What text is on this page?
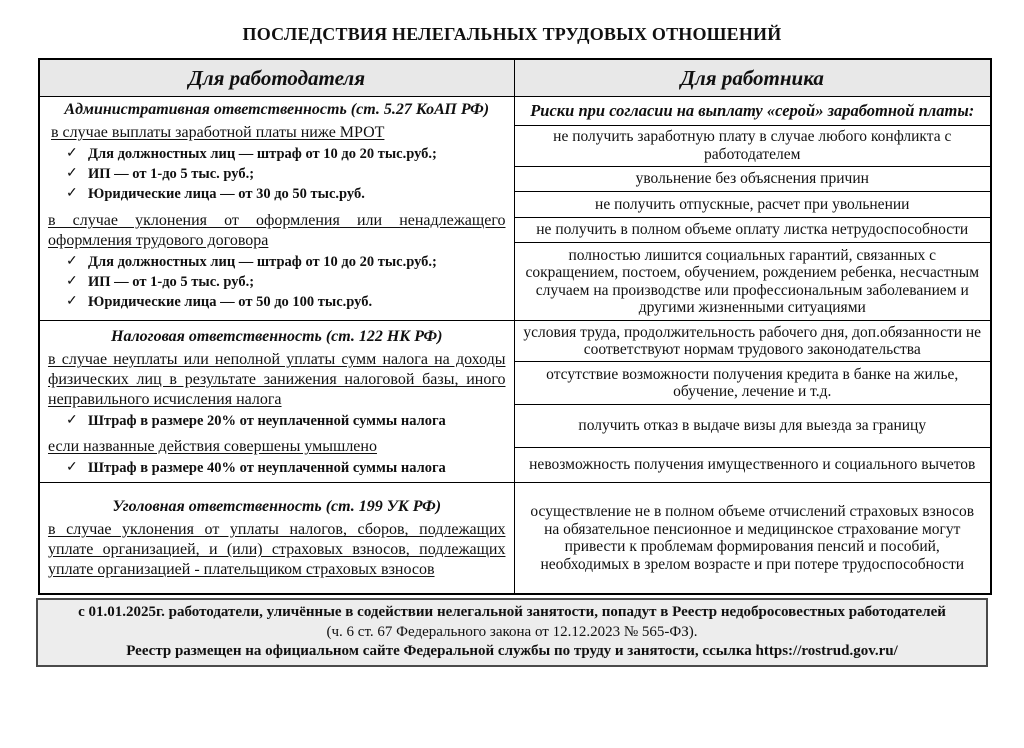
ПОСЛЕДСТВИЯ НЕЛЕГАЛЬНЫХ ТРУДОВЫХ ОТНОШЕНИЙ
Для работодателя	Для работника

Административная ответственность (ст. 5.27 КоАП РФ)
в случае выплаты заработной платы ниже МРОТ
✓ Для должностных лиц — штраф от 10 до 20 тыс.руб.;
✓ ИП — от 1-до 5 тыс. руб.;
✓ Юридические лица — от 30 до 50 тыс.руб.
в случае уклонения от оформления или ненадлежащего оформления трудового договора
✓ Для должностных лиц — штраф от 10 до 20 тыс.руб.;
✓ ИП — от 1-до 5 тыс. руб.;
✓ Юридические лица — от 50 до 100 тыс.руб.
	Риски при согласии на выплату «серой» заработной платы:
	не получить заработную плату в случае любого конфликта с работодателем
	увольнение без объяснения причин
	не получить отпускные, расчет при увольнении
	не получить в полном объеме оплату листка нетрудоспособности
	полностью лишится социальных гарантий, связанных с сокращением, постоем, обучением, рождением ребенка, несчастным случаем на производстве или профессиональным заболеванием и другими жизненными ситуациями

Налоговая ответственность (ст. 122 НК РФ)
в случае неуплаты или неполной уплаты сумм налога на доходы физических лиц в результате занижения налоговой базы, иного неправильного исчисления налога
✓ Штраф в размере 20% от неуплаченной суммы налога
если названные действия совершены умышлено
✓ Штраф в размере 40% от неуплаченной суммы налога
	условия труда, продолжительность рабочего дня, доп.обязанности не соответствуют нормам трудового законодательства
	отсутствие возможности получения кредита в банке на жилье, обучение, лечение и т.д.
	получить отказ в выдаче визы для выезда за границу
	невозможность получения имущественного и социального вычетов

Уголовная ответственность (ст. 199 УК РФ)
в случае уклонения от уплаты налогов, сборов, подлежащих уплате организацией, и (или) страховых взносов, подлежащих уплате организацией - плательщиком страховых взносов
	осуществление не в полном объеме отчислений страховых взносов на обязательное пенсионное и медицинское страхование могут привести к проблемам формирования пенсий и пособий, необходимых в зрелом возрасте и при потере трудоспособности
с 01.01.2025г. работодатели, уличённые в содействии нелегальной занятости, попадут в Реестр недобросовестных работодателей
(ч. 6 ст. 67 Федерального закона от 12.12.2023 № 565-ФЗ).
Реестр размещен на официальном сайте Федеральной службы по труду и занятости, ссылка https://rostrud.gov.ru/
